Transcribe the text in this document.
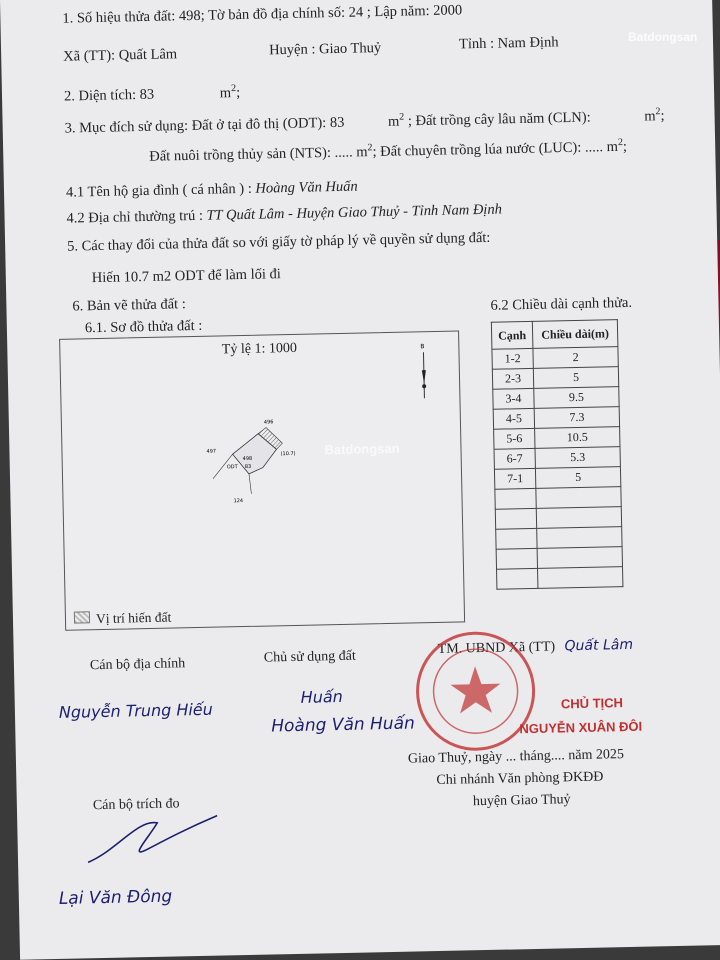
1. Số hiệu thửa đất: 498; Tờ bản đồ địa chính số: 24 ; Lập năm: 2000
Xã (TT): Quất Lâm	Huyện : Giao Thuỷ	Tỉnh : Nam Định
2. Diện tích: 83	$m^2$;
3. Mục đích sử dụng: Đất ở tại đô thị (ODT): 83	$m^2$ ; Đất trồng cây lâu năm (CLN):	$m^2$;
Đất nuôi trồng thủy sản (NTS): ..... $m^2$; Đất chuyên trồng lúa nước (LUC): ..... $m^2$;
4.1 Tên hộ gia đình ( cá nhân ) : Hoàng Văn Huấn
4.2 Địa chỉ thường trú : TT Quất Lâm - Huyện Giao Thuỷ - Tỉnh Nam Định
5. Các thay đổi của thửa đất so với giấy tờ pháp lý về quyền sử dụng đất:
Hiến 10.7 m2 ODT để làm lối đi
6. Bản vẽ thửa đất :
6.1. Sơ đồ thửa đất :
6.2 Chiều dài cạnh thửa.
Tỷ lệ 1: 1000	B
497
498
496
124
(10.7)
ODT 83
Batdongsan
Vị trí hiến đất
Cạnh	Chiều dài(m)
1-2	2
2-3	5
3-4	9.5
4-5	7.3
5-6	10.5
6-7	5.3
7-1	5

Cán bộ địa chính
Nguyễn Trung Hiếu
Chủ sử dụng đất
Huấn
Hoàng Văn Huấn
Cán bộ trích đo
Lại Văn Đông
TM. UBND Xã (TT) Quất Lâm
CHỦ TỊCH
NGUYỄN XUÂN ĐÔI
Giao Thuỷ, ngày ... tháng.... năm 2025
Chi nhánh Văn phòng ĐKĐĐ
huyện Giao Thuỷ
Batdongsan
